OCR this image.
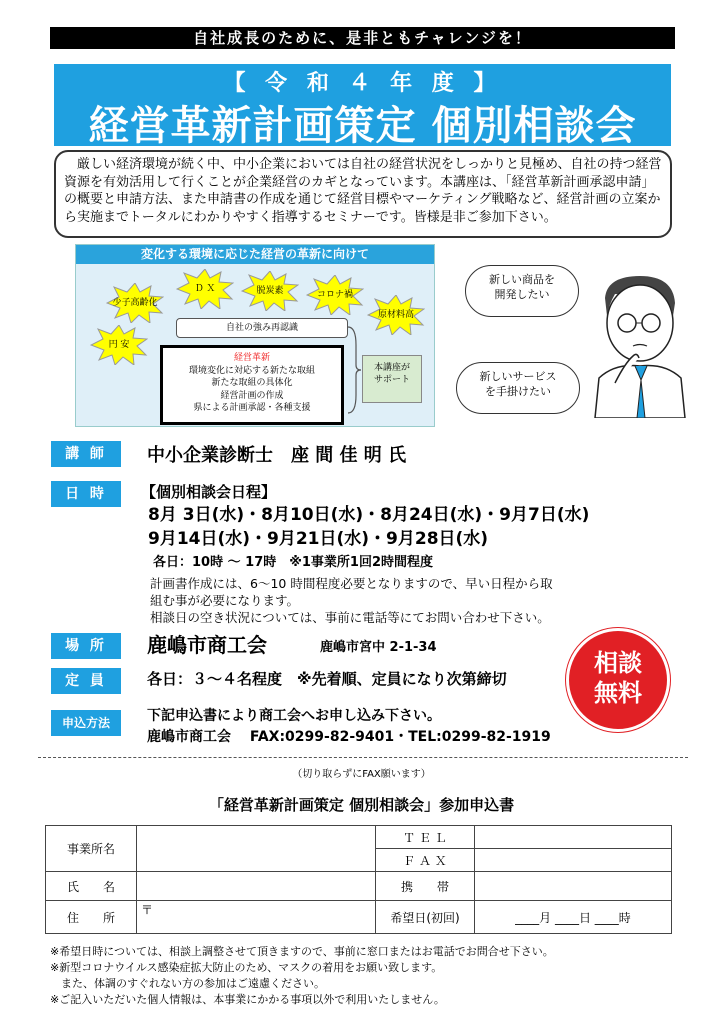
自社成長のために、是非ともチャレンジを！
【 令 和 ４ 年 度 】
経営革新計画策定 個別相談会
　厳しい経済環境が続く中、中小企業においては自社の経営状況をしっかりと見極め、自社の持つ経営資源を有効活用して行くことが企業経営のカギとなっています。本講座は、「経営革新計画承認申請」の概要と申請方法、また申請書の作成を通じて経営目標やマーケティング戦略など、経営計画の立案から実施までトータルにわかりやすく指導するセミナーです。皆様是非ご参加下さい。
変化する環境に応じた経営の革新に向けて
少子高齢化
Ｄ Ｘ	脱炭素	コロナ禍
原材料高
円 安
自社の強み再認識
経営革新
環境変化に対応する新たな取組
新たな取組の具体化
経営計画の作成
県による計画承認・各種支援
本講座が
サポート
新しい商品を
開発したい
新しいサービス
を手掛けたい
講 師	中小企業診断士　座 間 佳 明 氏
日 時	【個別相談会日程】
8月 3日(水)・8月10日(水)・8月24日(水)・9月7日(水)
9月14日(水)・9月21日(水)・9月28日(水)
各日：10時 ～ 17時　※1事業所1回2時間程度
計画書作成には、6～10 時間程度必要となりますので、早い日程から取
組む事が必要になります。
相談日の空き状況については、事前に電話等にてお問い合わせ下さい。
場 所	鹿嶋市商工会	鹿嶋市宮中 2-1-34
定 員	各日：３～４名程度　※先着順、定員になり次第締切
申込方法	下記申込書により商工会へお申し込み下さい。
鹿嶋市商工会　 FAX:0299-82-9401・TEL:0299-82-1919
相談
無料
（切り取らずにFAX願います）
「経営革新計画策定 個別相談会」参加申込書
事業所名		Ｔ Ｅ Ｌ	
		Ｆ Ａ Ｘ	
氏　　名		携　　帯	
住　　所	〒	希望日(初回)	____月 ____日 ____時
※希望日時については、相談上調整させて頂きますので、事前に窓口またはお電話でお問合せ下さい。
※新型コロナウイルス感染症拡大防止のため、マスクの着用をお願い致します。
　また、体調のすぐれない方の参加はご遠慮ください。
※ご記入いただいた個人情報は、本事業にかかる事項以外で利用いたしません。
